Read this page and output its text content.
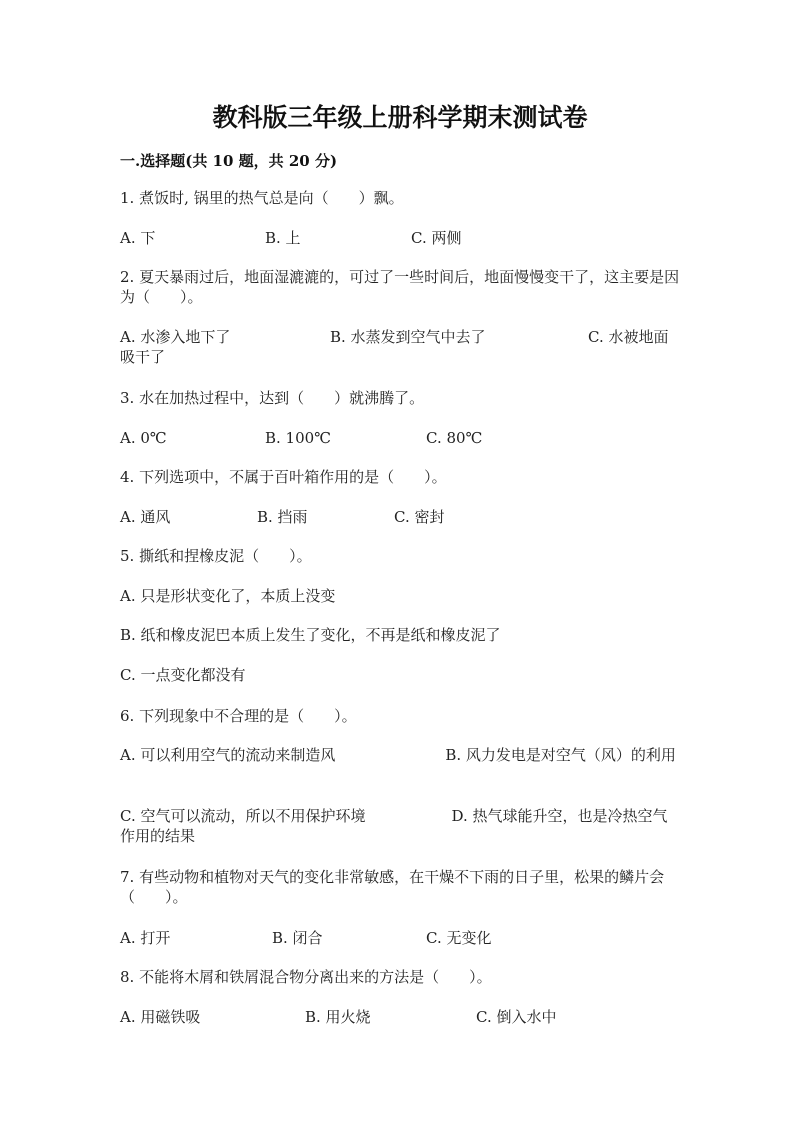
教科版三年级上册科学期末测试卷
一.选择题(共 10 题，共 20 分)
1. 煮饭时, 锅里的热气总是向（　　）飘。
A. 下	B. 上	C. 两侧
2. 夏天暴雨过后，地面湿漉漉的，可过了一些时间后，地面慢慢变干了，这主要是因为（　　）。
A. 水渗入地下了	B. 水蒸发到空气中去了	C. 水被地面吸干了
3. 水在加热过程中，达到（　　）就沸腾了。
A. 0℃	B. 100℃	C. 80℃
4. 下列选项中，不属于百叶箱作用的是（　　）。
A. 通风	B. 挡雨	C. 密封
5. 撕纸和捏橡皮泥（　　）。
A. 只是形状变化了，本质上没变
B. 纸和橡皮泥巴本质上发生了变化，不再是纸和橡皮泥了
C. 一点变化都没有
6. 下列现象中不合理的是（　　）。
A. 可以利用空气的流动来制造风	B. 风力发电是对空气（风）的利用
C. 空气可以流动，所以不用保护环境	D. 热气球能升空，也是冷热空气作用的结果
7. 有些动物和植物对天气的变化非常敏感，在干燥不下雨的日子里，松果的鳞片会（　　）。
A. 打开	B. 闭合	C. 无变化
8. 不能将木屑和铁屑混合物分离出来的方法是（　　）。
A. 用磁铁吸	B. 用火烧	C. 倒入水中
